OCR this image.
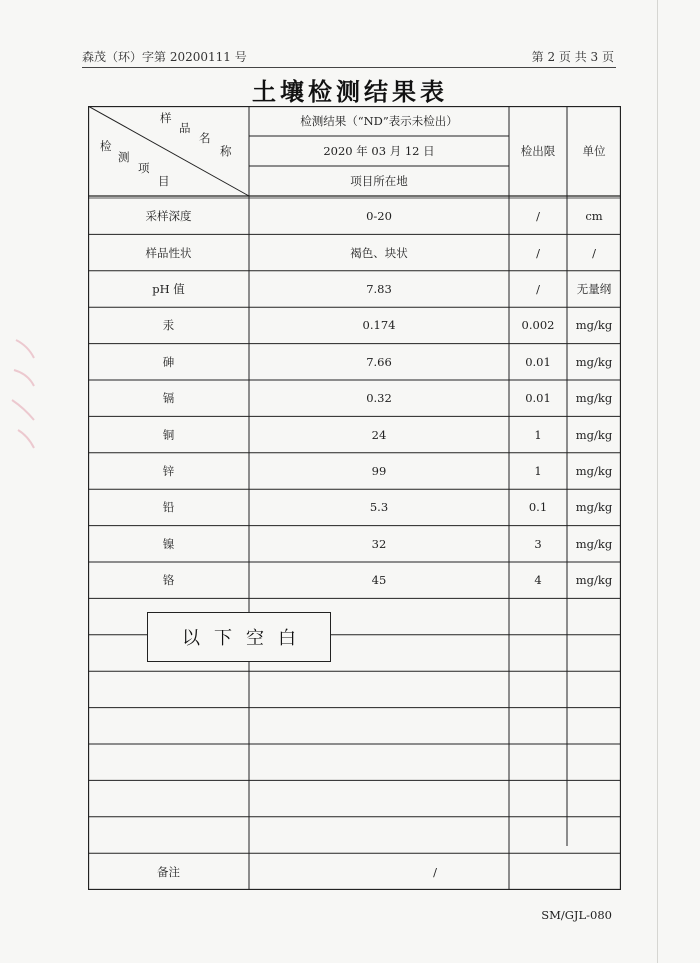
森茂（环）字第 20200111 号	第 2 页 共 3 页
土壤检测结果表
样
品
名
称
检
测
项
目
检测结果（“ND”表示未检出）
2020 年 03 月 12 日
项目所在地
检出限	单位
采样深度	0-20	/	cm
样品性状	褐色、块状	/	/
pH 值	7.83	/	无量纲
汞	0.174	0.002	mg/kg
砷	7.66	0.01	mg/kg
镉	0.32	0.01	mg/kg
铜	24	1	mg/kg
锌	99	1	mg/kg
铅	5.3	0.1	mg/kg
镍	32	3	mg/kg
铬	45	4	mg/kg
备注	/
以下空白
SM/GJL-080
